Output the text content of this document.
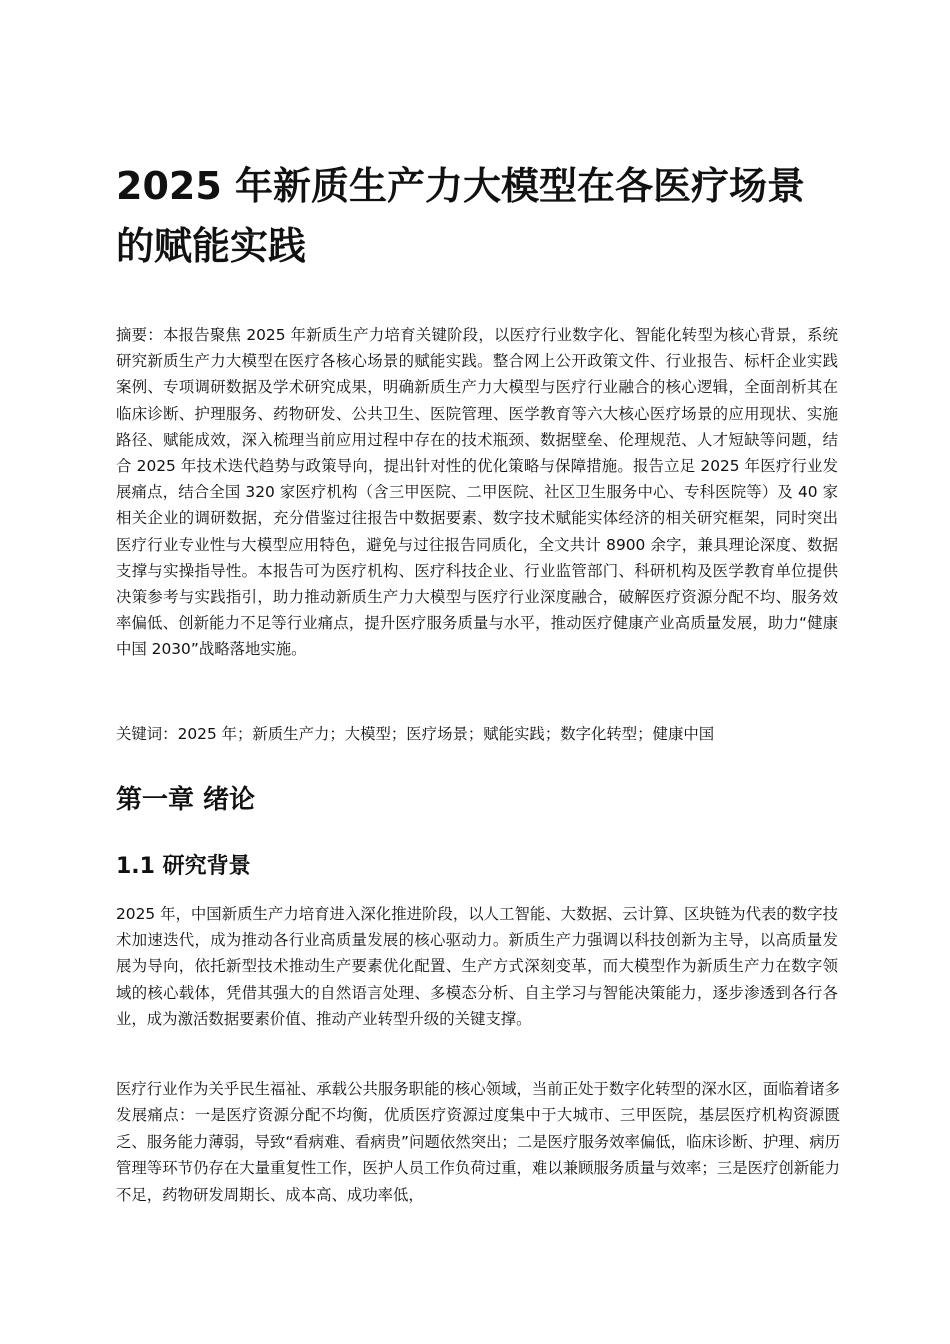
2025 年新质生产力大模型在各医疗场景的赋能实践

摘要：本报告聚焦 2025 年新质生产力培育关键阶段，以医疗行业数字化、智能化转型为核心背景，系统研究新质生产力大模型在医疗各核心场景的赋能实践。整合网上公开政策文件、行业报告、标杆企业实践案例、专项调研数据及学术研究成果，明确新质生产力大模型与医疗行业融合的核心逻辑，全面剖析其在临床诊断、护理服务、药物研发、公共卫生、医院管理、医学教育等六大核心医疗场景的应用现状、实施路径、赋能成效，深入梳理当前应用过程中存在的技术瓶颈、数据壁垒、伦理规范、人才短缺等问题，结合 2025 年技术迭代趋势与政策导向，提出针对性的优化策略与保障措施。报告立足 2025 年医疗行业发展痛点，结合全国 320 家医疗机构（含三甲医院、二甲医院、社区卫生服务中心、专科医院等）及 40 家相关企业的调研数据，充分借鉴过往报告中数据要素、数字技术赋能实体经济的相关研究框架，同时突出医疗行业专业性与大模型应用特色，避免与过往报告同质化，全文共计 8900 余字，兼具理论深度、数据支撑与实操指导性。本报告可为医疗机构、医疗科技企业、行业监管部门、科研机构及医学教育单位提供决策参考与实践指引，助力推动新质生产力大模型与医疗行业深度融合，破解医疗资源分配不均、服务效率偏低、创新能力不足等行业痛点，提升医疗服务质量与水平，推动医疗健康产业高质量发展，助力“健康中国 2030”战略落地实施。

关键词：2025 年；新质生产力；大模型；医疗场景；赋能实践；数字化转型；健康中国

第一章 绪论
1.1 研究背景

2025 年，中国新质生产力培育进入深化推进阶段，以人工智能、大数据、云计算、区块链为代表的数字技术加速迭代，成为推动各行业高质量发展的核心驱动力。新质生产力强调以科技创新为主导，以高质量发展为导向，依托新型技术推动生产要素优化配置、生产方式深刻变革，而大模型作为新质生产力在数字领域的核心载体，凭借其强大的自然语言处理、多模态分析、自主学习与智能决策能力，逐步渗透到各行各业，成为激活数据要素价值、推动产业转型升级的关键支撑。

医疗行业作为关乎民生福祉、承载公共服务职能的核心领域，当前正处于数字化转型的深水区，面临着诸多发展痛点：一是医疗资源分配不均衡，优质医疗资源过度集中于大城市、三甲医院，基层医疗机构资源匮乏、服务能力薄弱，导致“看病难、看病贵”问题依然突出；二是医疗服务效率偏低，临床诊断、护理、病历管理等环节仍存在大量重复性工作，医护人员工作负荷过重，难以兼顾服务质量与效率；三是医疗创新能力不足，药物研发周期长、成本高、成功率低，
